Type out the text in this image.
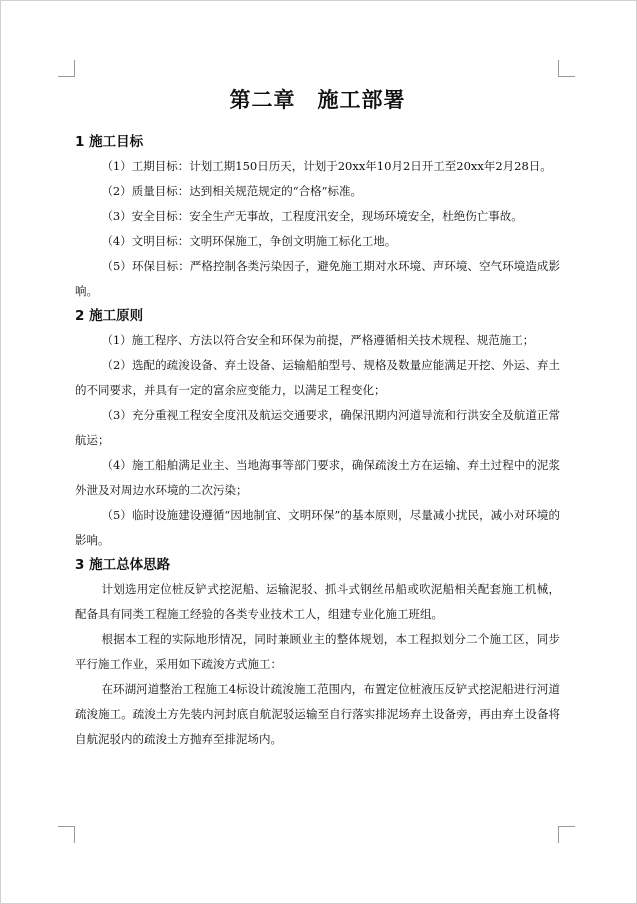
第二章　施工部署
1 施工目标

（1）工期目标：计划工期150日历天，计划于20xx年10月2日开工至20xx年2月28日。

（2）质量目标：达到相关规范规定的“合格”标准。

（3）安全目标：安全生产无事故，工程度汛安全，现场环境安全，杜绝伤亡事故。

（4）文明目标：文明环保施工，争创文明施工标化工地。

（5）环保目标：严格控制各类污染因子，避免施工期对水环境、声环境、空气环境造成影响。

2 施工原则

（1）施工程序、方法以符合安全和环保为前提，严格遵循相关技术规程、规范施工；

（2）选配的疏浚设备、弃土设备、运输船舶型号、规格及数量应能满足开挖、外运、弃土的不同要求，并具有一定的富余应变能力，以满足工程变化；

（3）充分重视工程安全度汛及航运交通要求，确保汛期内河道导流和行洪安全及航道正常航运；

（4）施工船舶满足业主、当地海事等部门要求，确保疏浚土方在运输、弃土过程中的泥浆外泄及对周边水环境的二次污染；

（5）临时设施建设遵循“因地制宜、文明环保”的基本原则，尽量减小扰民，减小对环境的影响。

3 施工总体思路

计划选用定位桩反铲式挖泥船、运输泥驳、抓斗式钢丝吊船或吹泥船相关配套施工机械，配备具有同类工程施工经验的各类专业技术工人，组建专业化施工班组。

根据本工程的实际地形情况，同时兼顾业主的整体规划，本工程拟划分二个施工区，同步平行施工作业，采用如下疏浚方式施工：

在环湖河道整治工程施工4标设计疏浚施工范围内，布置定位桩液压反铲式挖泥船进行河道疏浚施工。疏浚土方先装内河封底自航泥驳运输至自行落实排泥场弃土设备旁，再由弃土设备将自航泥驳内的疏浚土方抛弃至排泥场内。
